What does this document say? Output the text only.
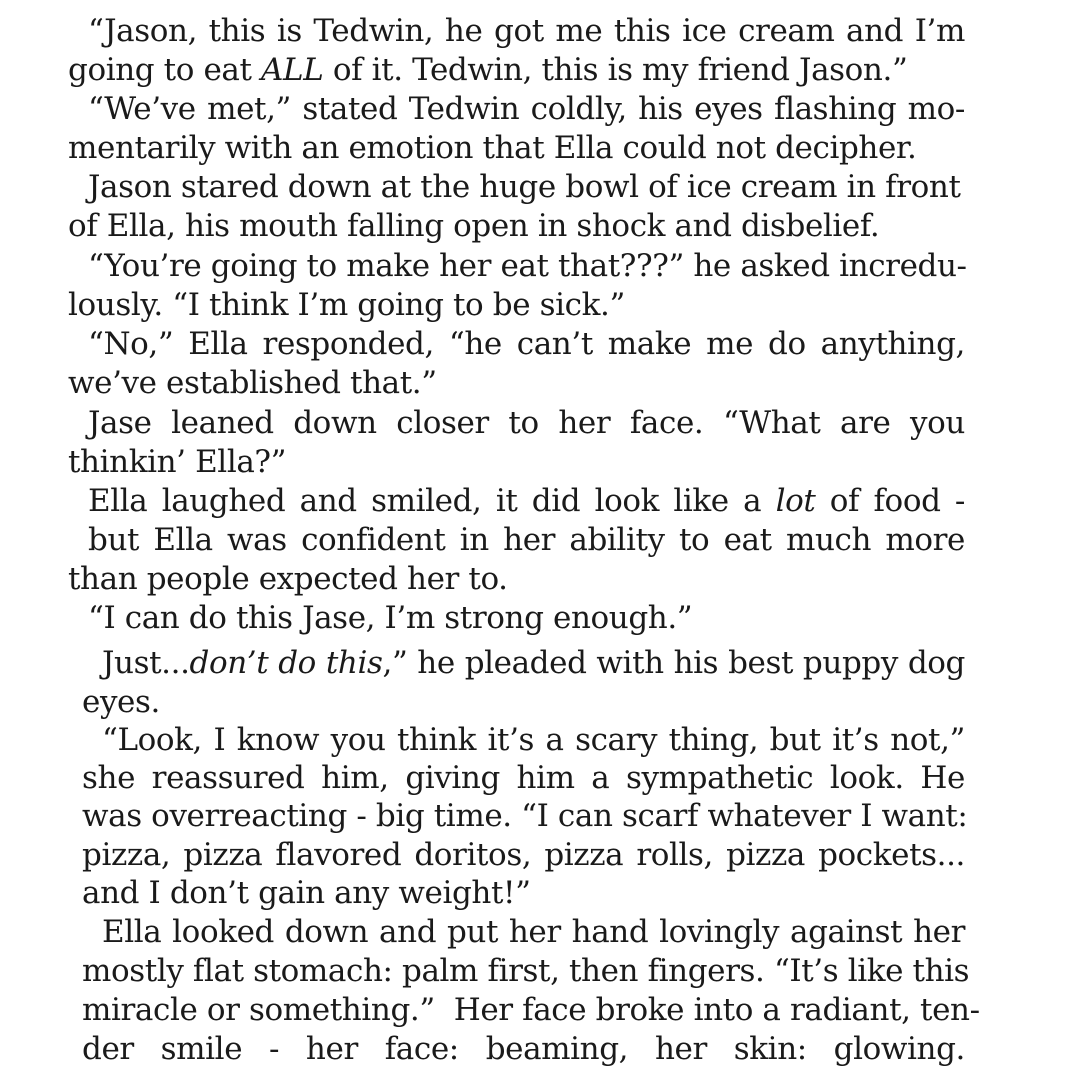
“Jason, this is Tedwin, he got me this ice cream and I’m
going to eat ALL of it. Tedwin, this is my friend Jason.”
“We’ve met,” stated Tedwin coldly, his eyes flashing mo-
mentarily with an emotion that Ella could not decipher.
Jason stared down at the huge bowl of ice cream in front
of Ella, his mouth falling open in shock and disbelief.
“You’re going to make her eat that???” he asked incredu-
lously. “I think I’m going to be sick.”
“No,” Ella responded, “he can’t make me do anything,
we’ve established that.”
Jase leaned down closer to her face. “What are you
thinkin’ Ella?”
Ella laughed and smiled, it did look like a lot of food -
but Ella was confident in her ability to eat much more
than people expected her to.
“I can do this Jase, I’m strong enough.”
Just...don’t do this,” he pleaded with his best puppy dog
eyes.
“Look, I know you think it’s a scary thing, but it’s not,”
she reassured him, giving him a sympathetic look. He
was overreacting - big time. “I can scarf whatever I want:
pizza, pizza flavored doritos, pizza rolls, pizza pockets...
and I don’t gain any weight!”
Ella looked down and put her hand lovingly against her
mostly flat stomach: palm first, then fingers. “It’s like this
miracle or something.”  Her face broke into a radiant, ten-
der smile - her face: beaming, her skin: glowing.
